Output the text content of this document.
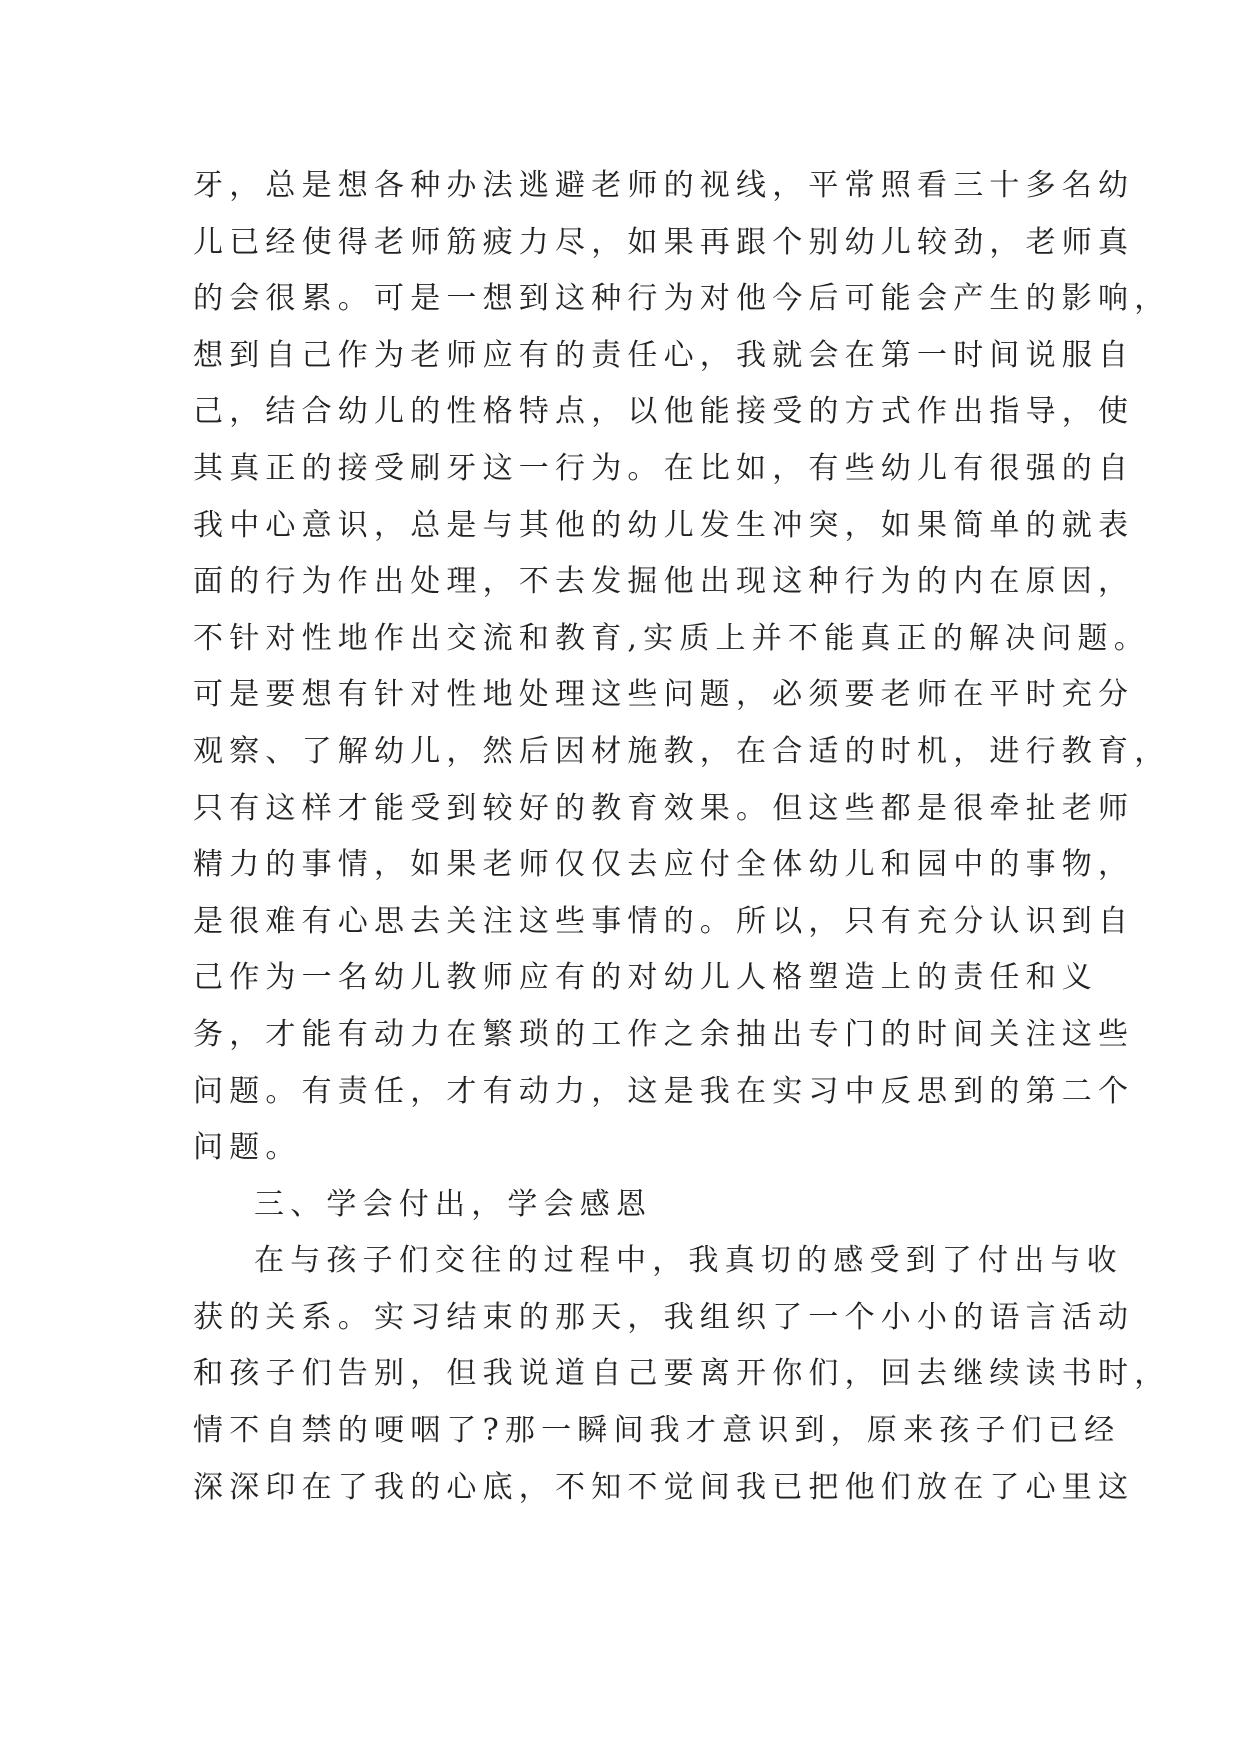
牙，总是想各种办法逃避老师的视线，平常照看三十多名幼
儿已经使得老师筋疲力尽，如果再跟个别幼儿较劲，老师真
的会很累。可是一想到这种行为对他今后可能会产生的影响，
想到自己作为老师应有的责任心，我就会在第一时间说服自
己，结合幼儿的性格特点，以他能接受的方式作出指导，使
其真正的接受刷牙这一行为。在比如，有些幼儿有很强的自
我中心意识，总是与其他的幼儿发生冲突，如果简单的就表
面的行为作出处理，不去发掘他出现这种行为的内在原因，
不针对性地作出交流和教育,实质上并不能真正的解决问题。
可是要想有针对性地处理这些问题，必须要老师在平时充分
观察、了解幼儿，然后因材施教，在合适的时机，进行教育，
只有这样才能受到较好的教育效果。但这些都是很牵扯老师
精力的事情，如果老师仅仅去应付全体幼儿和园中的事物，
是很难有心思去关注这些事情的。所以，只有充分认识到自
己作为一名幼儿教师应有的对幼儿人格塑造上的责任和义
务，才能有动力在繁琐的工作之余抽出专门的时间关注这些
问题。有责任，才有动力，这是我在实习中反思到的第二个
问题。
三、学会付出，学会感恩
在与孩子们交往的过程中，我真切的感受到了付出与收
获的关系。实习结束的那天，我组织了一个小小的语言活动
和孩子们告别，但我说道自己要离开你们，回去继续读书时，
情不自禁的哽咽了?那一瞬间我才意识到，原来孩子们已经
深深印在了我的心底，不知不觉间我已把他们放在了心里这
